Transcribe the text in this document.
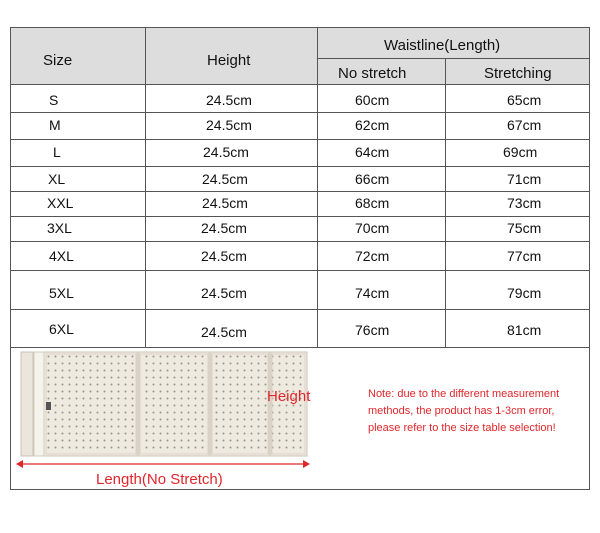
Size	Height
Waistline(Length)
No stretch	Stretching
S	24.5cm	60cm	65cm
M	24.5cm	62cm	67cm
L	24.5cm	64cm	69cm
XL	24.5cm	66cm	71cm
XXL	24.5cm	68cm	73cm
3XL	24.5cm	70cm	75cm
4XL	24.5cm	72cm	77cm
5XL	24.5cm	74cm	79cm
6XL	24.5cm	76cm	81cm
Height
Length(No Stretch)
Note: due to the different measurement methods, the product has 1-3cm error, please refer to the size table selection!
